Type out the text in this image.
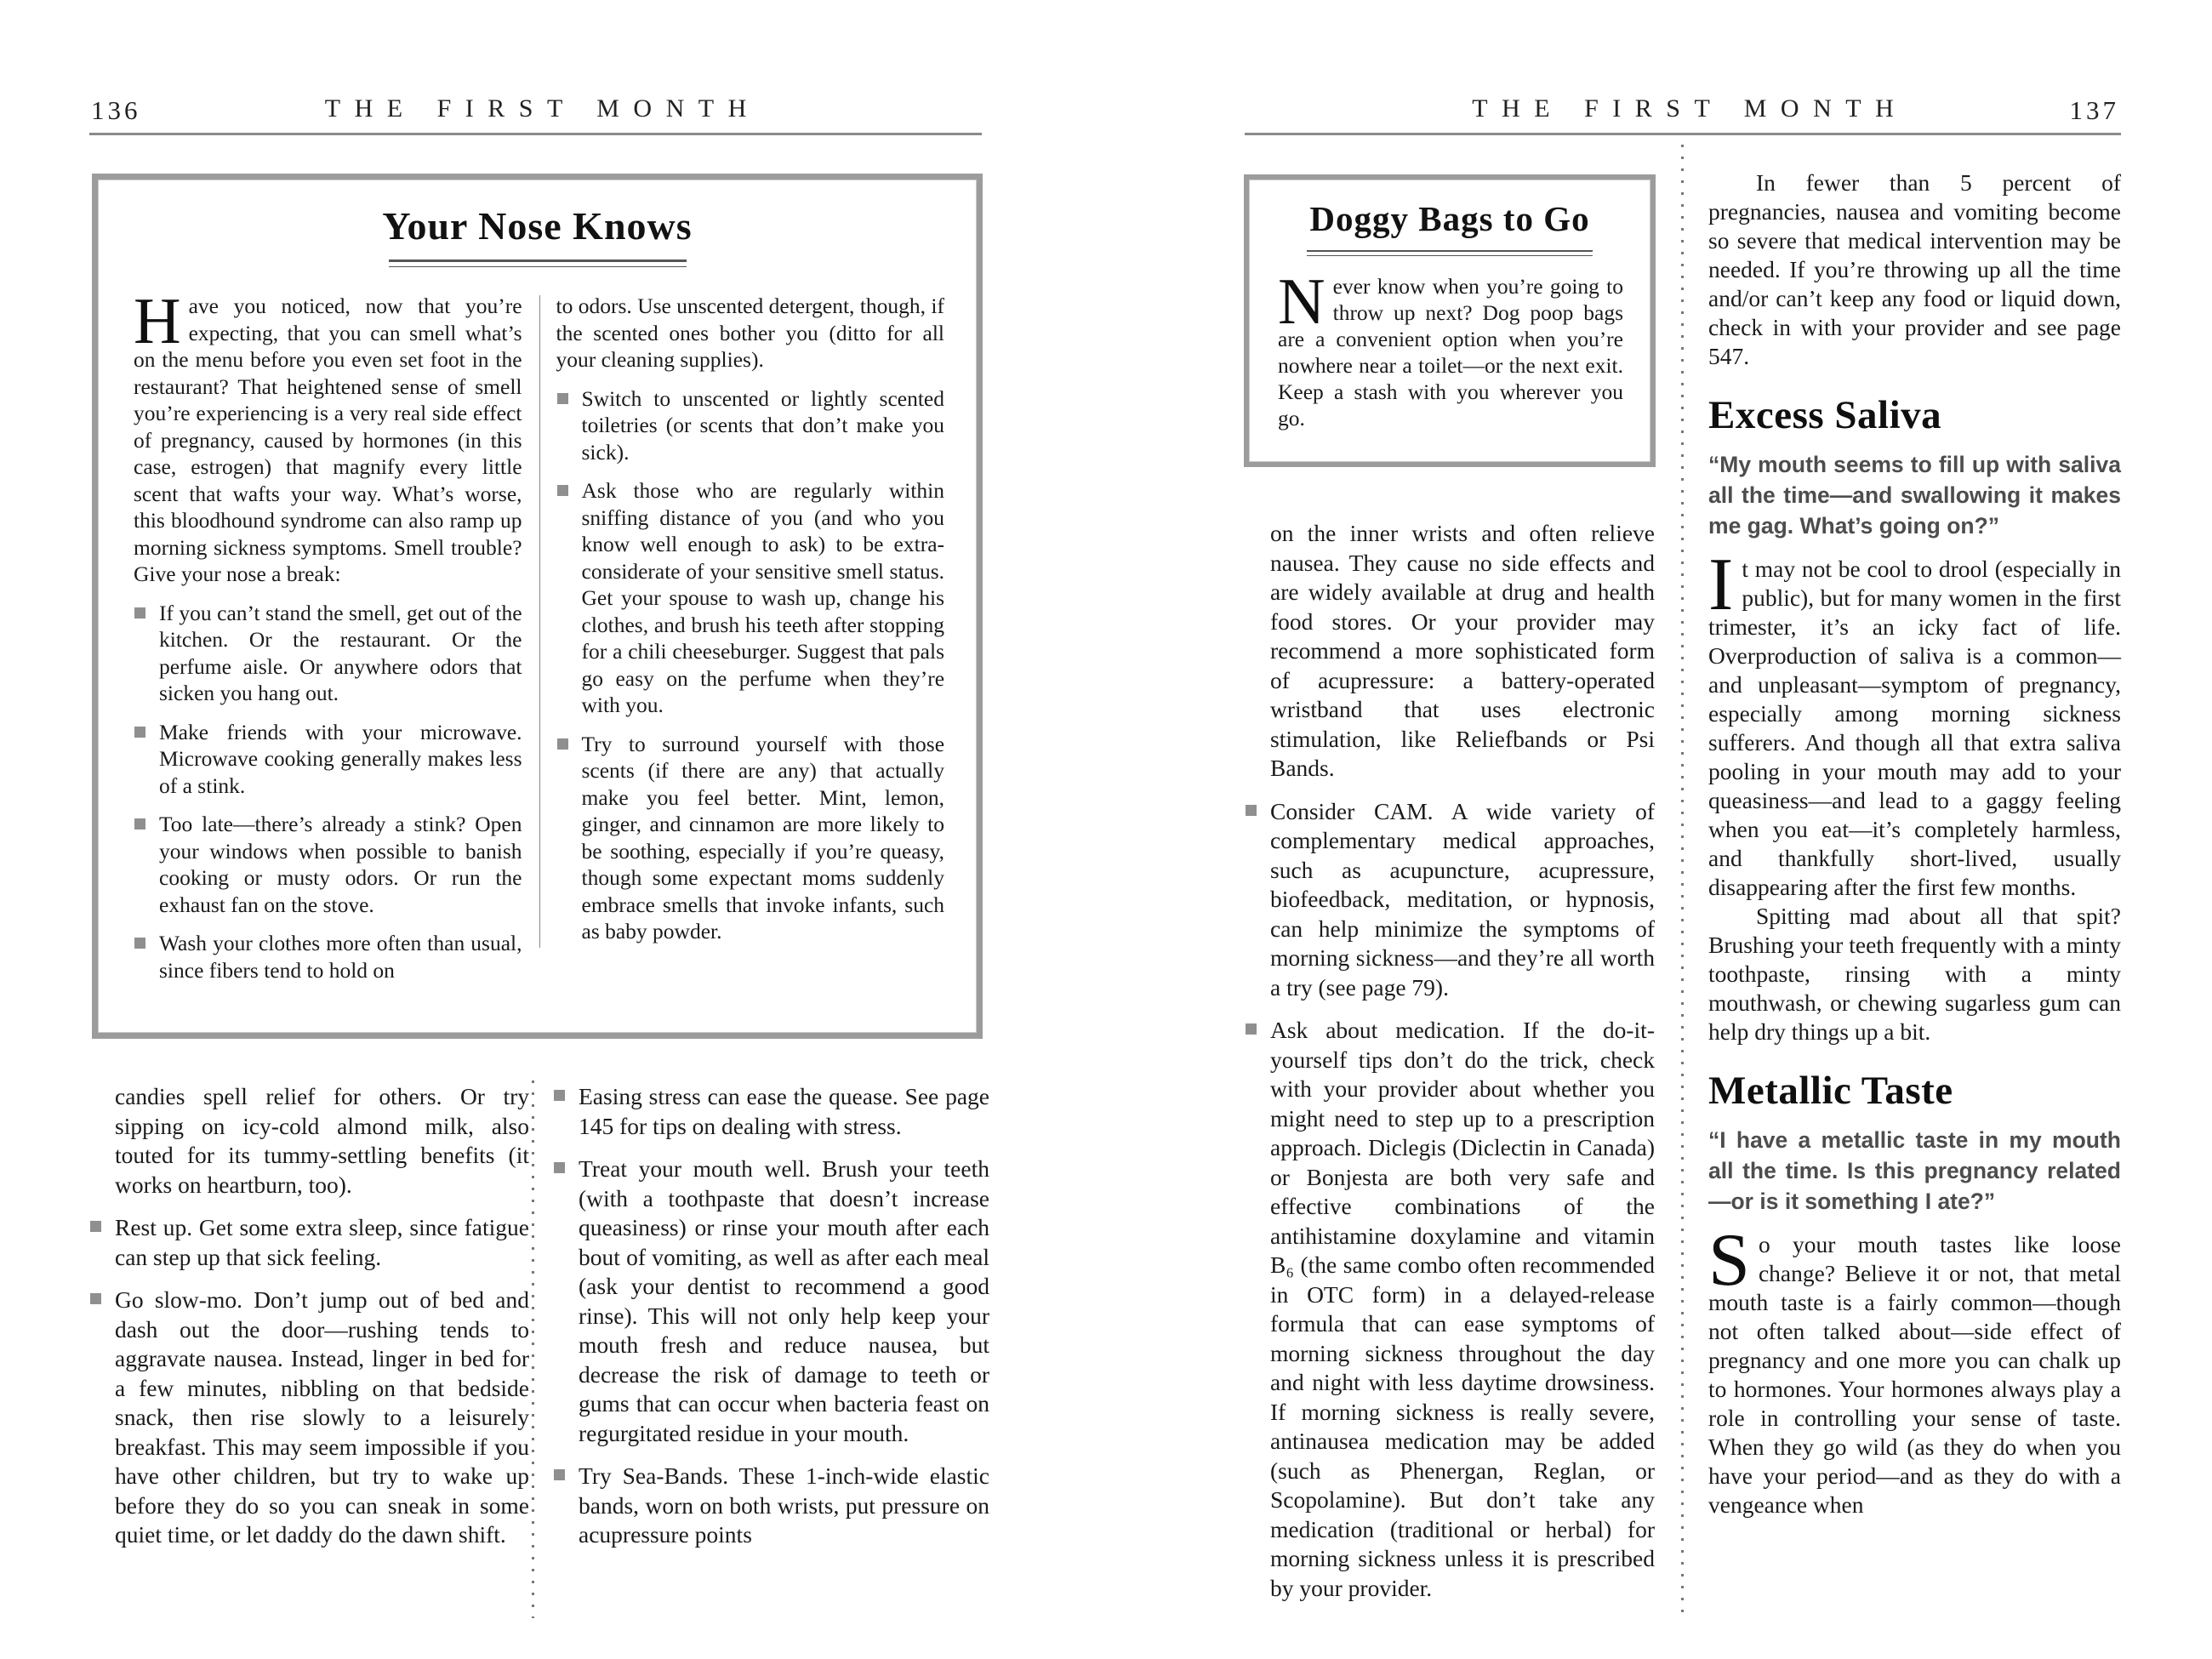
136	THE FIRST MONTH
Your Nose Knows

Have you noticed, now that you’re expecting, that you can smell what’s on the menu before you even set foot in the restaurant? That heightened sense of smell you’re experiencing is a very real side effect of pregnancy, caused by hormones (in this case, estrogen) that magnify every little scent that wafts your way. What’s worse, this bloodhound syndrome can also ramp up morning sickness symptoms. Smell trouble? Give your nose a break:

If you can’t stand the smell, get out of the kitchen. Or the restaurant. Or the perfume aisle. Or anywhere odors that sicken you hang out.
Make friends with your microwave. Microwave cooking generally makes less of a stink.
Too late—there’s already a stink? Open your windows when possible to banish cooking or musty odors. Or run the exhaust fan on the stove.
Wash your clothes more often than usual, since fibers tend to hold on

to odors. Use unscented detergent, though, if the scented ones bother you (ditto for all your cleaning supplies).

Switch to unscented or lightly scented toiletries (or scents that don’t make you sick).
Ask those who are regularly within sniffing distance of you (and who you know well enough to ask) to be extra-considerate of your sensitive smell status. Get your spouse to wash up, change his clothes, and brush his teeth after stopping for a chili cheeseburger. Suggest that pals go easy on the perfume when they’re with you.
Try to surround yourself with those scents (if there are any) that actually make you feel better. Mint, lemon, ginger, and cinnamon are more likely to be soothing, especially if you’re queasy, though some expectant moms suddenly embrace smells that invoke infants, such as baby powder.

candies spell relief for others. Or try sipping on icy-cold almond milk, also touted for its tummy-settling benefits (it works on heartburn, too).

Rest up. Get some extra sleep, since fatigue can step up that sick feeling.
Go slow-mo. Don’t jump out of bed and dash out the door—rushing tends to aggravate nausea. Instead, linger in bed for a few minutes, nibbling on that bedside snack, then rise slowly to a leisurely breakfast. This may seem impossible if you have other children, but try to wake up before they do so you can sneak in some quiet time, or let daddy do the dawn shift.
Easing stress can ease the quease. See page 145 for tips on dealing with stress.
Treat your mouth well. Brush your teeth (with a toothpaste that doesn’t increase queasiness) or rinse your mouth after each bout of vomiting, as well as after each meal (ask your dentist to recommend a good rinse). This will not only help keep your mouth fresh and reduce nausea, but decrease the risk of damage to teeth or gums that can occur when bacteria feast on regurgitated residue in your mouth.
Try Sea-Bands. These 1-inch-wide elastic bands, worn on both wrists, put pressure on acupressure points
THE FIRST MONTH	137
Doggy Bags to Go

Never know when you’re going to throw up next? Dog poop bags are a convenient option when you’re nowhere near a toilet—or the next exit. Keep a stash with you wherever you go.

on the inner wrists and often relieve nausea. They cause no side effects and are widely available at drug and health food stores. Or your provider may recommend a more sophisticated form of acupressure: a battery-operated wristband that uses electronic stimulation, like Reliefbands or Psi Bands.

Consider CAM. A wide variety of complementary medical approaches, such as acupuncture, acupressure, biofeedback, meditation, or hypnosis, can help minimize the symptoms of morning sickness—and they’re all worth a try (see page 79).
Ask about medication. If the do-it-yourself tips don’t do the trick, check with your provider about whether you might need to step up to a prescription approach. Diclegis (Diclectin in Canada) or Bonjesta are both very safe and effective combinations of the antihistamine doxylamine and vitamin B₆ (the same combo often recommended in OTC form) in a delayed-release formula that can ease symptoms of morning sickness throughout the day and night with less daytime drowsiness. If morning sickness is really severe, antinausea medication may be added (such as Phenergan, Reglan, or Scopolamine). But don’t take any medication (traditional or herbal) for morning sickness unless it is prescribed by your provider.

In fewer than 5 percent of pregnancies, nausea and vomiting become so severe that medical intervention may be needed. If you’re throwing up all the time and/or can’t keep any food or liquid down, check in with your provider and see page 547.

Excess Saliva

“My mouth seems to fill up with saliva all the time—and swallowing it makes me gag. What’s going on?”

It may not be cool to drool (especially in public), but for many women in the first trimester, it’s an icky fact of life. Overproduction of saliva is a common—and unpleasant—symptom of pregnancy, especially among morning sickness sufferers. And though all that extra saliva pooling in your mouth may add to your queasiness—and lead to a gaggy feeling when you eat—it’s completely harmless, and thankfully short-lived, usually disappearing after the first few months.

Spitting mad about all that spit? Brushing your teeth frequently with a minty toothpaste, rinsing with a minty mouthwash, or chewing sugarless gum can help dry things up a bit.

Metallic Taste

“I have a metallic taste in my mouth all the time. Is this pregnancy related—or is it something I ate?”

So your mouth tastes like loose change? Believe it or not, that metal mouth taste is a fairly common—though not often talked about—side effect of pregnancy and one more you can chalk up to hormones. Your hormones always play a role in controlling your sense of taste. When they go wild (as they do when you have your period—and as they do with a vengeance when
